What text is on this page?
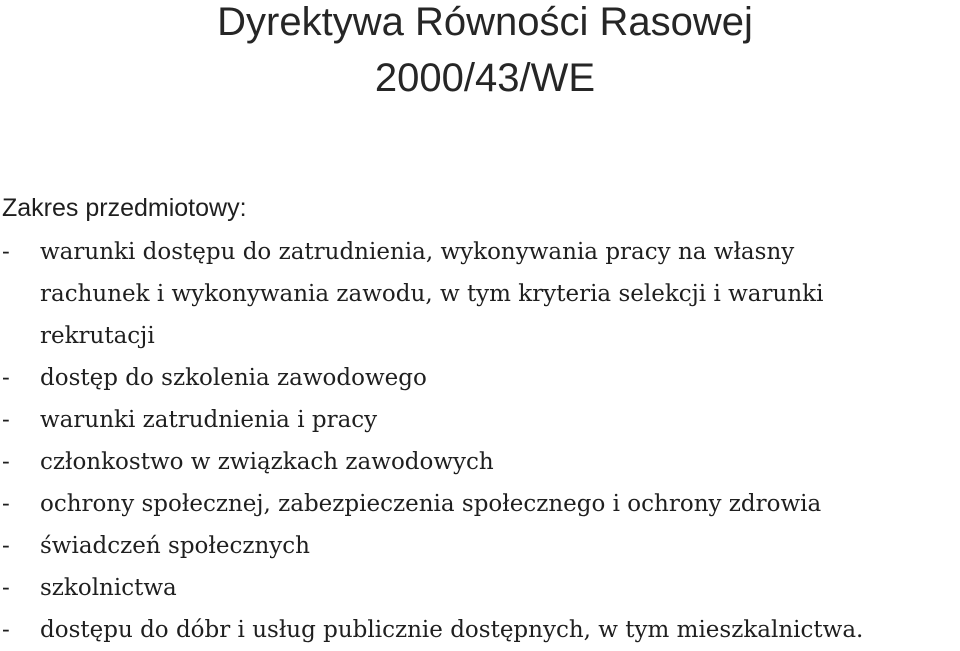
Dyrektywa Równości Rasowej
2000/43/WE
Zakres przedmiotowy:
- warunki dostępu do zatrudnienia, wykonywania pracy na własny
rachunek i wykonywania zawodu, w tym kryteria selekcji i warunki
rekrutacji
- dostęp do szkolenia zawodowego
- warunki zatrudnienia i pracy
- członkostwo w związkach zawodowych
- ochrony społecznej, zabezpieczenia społecznego i ochrony zdrowia
- świadczeń społecznych
- szkolnictwa
- dostępu do dóbr i usług publicznie dostępnych, w tym mieszkalnictwa.
